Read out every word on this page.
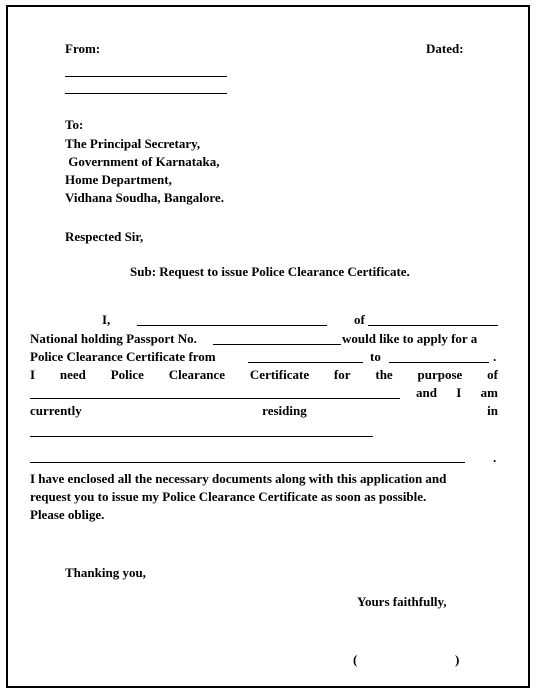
From:	Dated:
To:
The Principal Secretary,
Government of Karnataka,
Home Department,
Vidhana Soudha, Bangalore.
Respected Sir,
Sub: Request to issue Police Clearance Certificate.
I,	of
National holding Passport No.	would like to apply for a
Police Clearance Certificate from	to	.
I need Police Clearance Certificate for the purpose of
and I am
currently	residing	in
.
I have enclosed all the necessary documents along with this application and
request you to issue my Police Clearance Certificate as soon as possible.
Please oblige.
Thanking you,
Yours faithfully,
(	)
